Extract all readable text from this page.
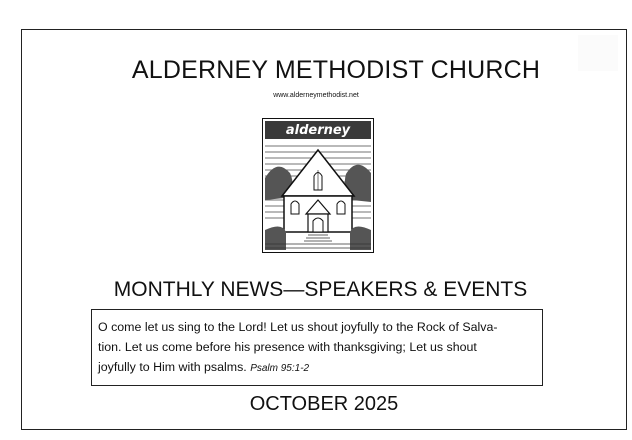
ALDERNEY METHODIST CHURCH
www.alderneymethodist.net
alderney
MONTHLY NEWS—SPEAKERS & EVENTS
O come let us sing to the Lord! Let us shout joyfully to the Rock of Salva-
tion. Let us come before his presence with thanksgiving; Let us shout
joyfully to Him with psalms. Psalm 95:1-2
OCTOBER 2025
